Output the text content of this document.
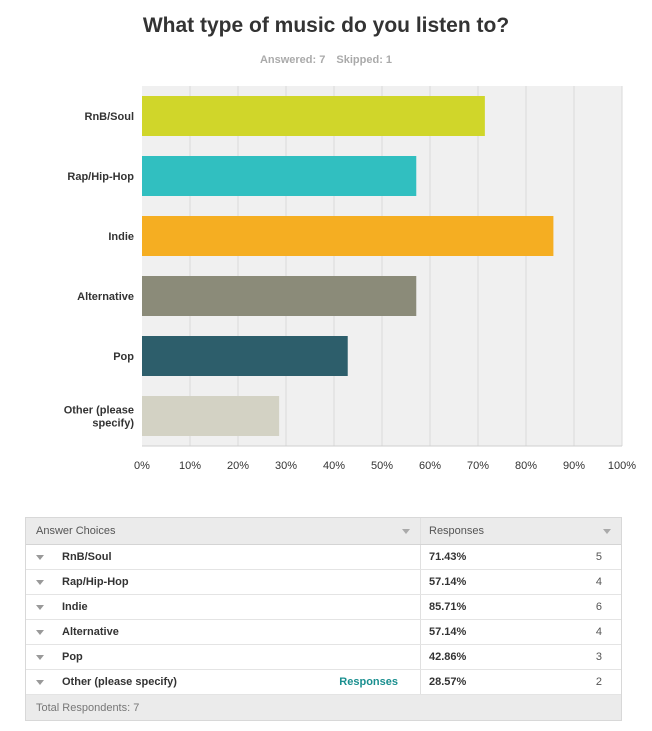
RnB/Soul
Rap/Hip-Hop
Indie
Alternative
Pop
Other (please specify)
0%	10% 20% 30% 40% 50% 60% 70% 80% 90% 100%
What type of music do you listen to?
Answered: 7 Skipped: 1
Answer Choices	Responses
RnB/Soul	71.43%	5
Rap/Hip-Hop	57.14%	4
Indie	85.71%	6
Alternative	57.14%	4
Pop	42.86%	3
Other (please specify)	Responses	28.57%	2
Total Respondents: 7
